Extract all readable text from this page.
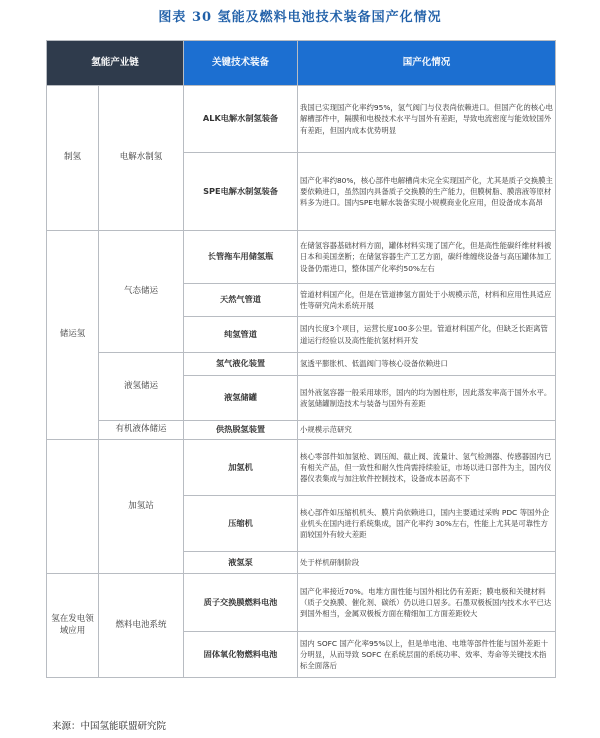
图表 30 氢能及燃料电池技术装备国产化情况
氢能产业链		关键技术装备	国产化情况
制氢	电解水制氢	ALK电解水制氢装备	我国已实现国产化率约95%，氢气阀门与仪表尚依赖进口。但国产化的核心电解槽部件中，隔膜和电极技术水平与国外有差距，导致电流密度与能效较国外有差距，但国内成本优势明显
		SPE电解水制氢装备	国产化率约80%，核心部件电解槽尚未完全实现国产化，尤其是质子交换膜主要依赖进口，虽然国内具备质子交换膜的生产能力，但膜树脂、膜溶液等原材料多为进口。国内SPE电解水装备实现小规模商业化应用，但设备成本高昂
储运氢	气态储运	长管拖车用储氢瓶	在储氢容器基础材料方面，罐体材料实现了国产化，但是高性能碳纤维材料被日本和美国垄断；在储氢容器生产工艺方面，碳纤维缠绕设备与高压罐体加工设备仍需进口，整体国产化率约50%左右
		天然气管道	管道材料国产化，但是在管道掺氢方面处于小规模示范，材料和应用性具适应性等研究尚未系统开展
		纯氢管道	国内长度3个项目，运营长度100多公里。管道材料国产化，但缺乏长距离管道运行经验以及高性能抗氢材料开发
	液氢储运	氢气液化装置	氢透平膨胀机、低温阀门等核心设备依赖进口
		液氢储罐	国外液氢容器一般采用球形，国内的均为圆柱形，因此蒸发率高于国外水平。液氢储罐制造技术与装备与国外有差距
	有机液体储运	供热脱氢装置	小规模示范研究
	加氢站	加氢机	核心零部件如加氢枪、调压阀、截止阀、流量计、氢气检测器、传感器国内已有相关产品，但一致性和耐久性尚需持续验证，市场以进口部件为主，国内仪器仪表集成与加注软件控制技术，设备成本居高不下
		压缩机	核心部件如压缩机机头、膜片尚依赖进口，国内主要通过采购 PDC 等国外企业机头在国内进行系统集成，国产化率约 30%左右，性能上尤其是可靠性方面较国外有较大差距
		液氢泵	处于样机研制阶段
氢在发电领域应用	燃料电池系统	质子交换膜燃料电池	国产化率接近70%。电堆方面性能与国外相比仍有差距；膜电极和关键材料（质子交换膜、催化剂、碳纸）仍以进口居多。石墨双极板国内技术水平已达到国外相当，金属双极板方面在精细加工方面差距较大
		固体氧化物燃料电池	国内 SOFC 国产化率95%以上，但是单电池、电堆等部件性能与国外差距十分明显，从而导致 SOFC 在系统层面的系统功率、效率、寿命等关键技术指标全面落后
来源：中国氢能联盟研究院
